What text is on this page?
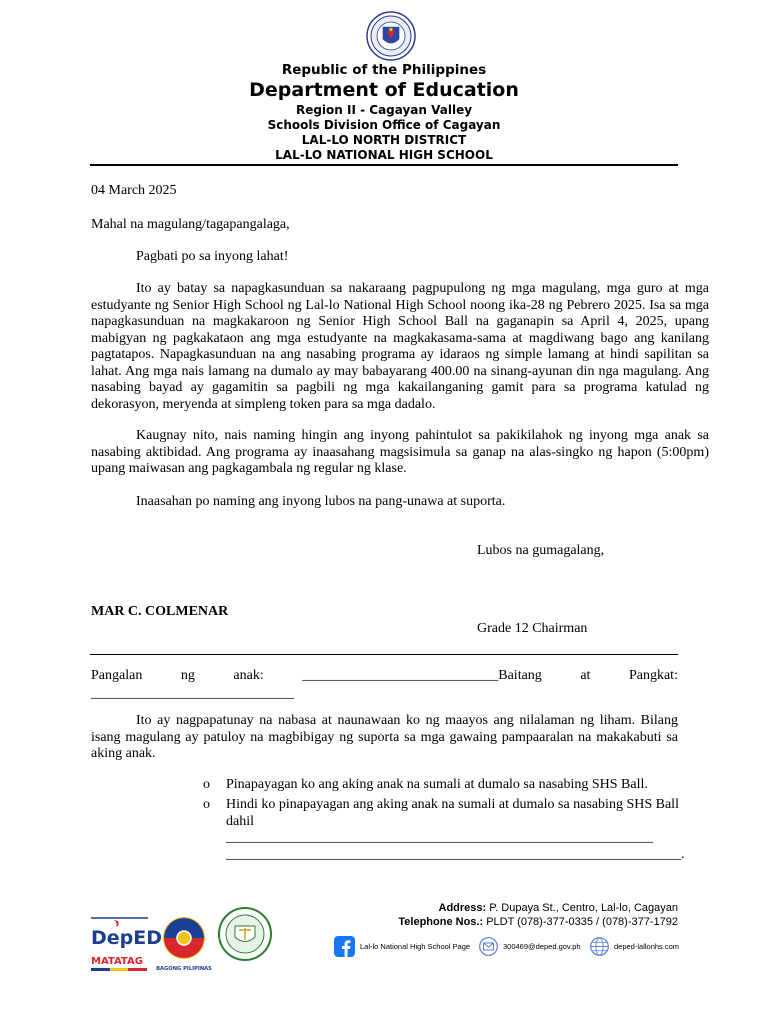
Republic of the Philippines
Department of Education
Region II - Cagayan Valley
Schools Division Office of Cagayan
LAL-LO NORTH DISTRICT
LAL-LO NATIONAL HIGH SCHOOL
04 March 2025
Mahal na magulang/tagapangalaga,
Pagbati po sa inyong lahat!
Ito ay batay sa napagkasunduan sa nakaraang pagpupulong ng mga magulang, mga guro at mga estudyante ng Senior High School ng Lal-lo National High School noong ika-28 ng Pebrero 2025. Isa sa mga napagkasunduan na magkakaroon ng Senior High School Ball na gaganapin sa April 4, 2025, upang mabigyan ng pagkakataon ang mga estudyante na magkakasama-sama at magdiwang bago ang kanilang pagtatapos. Napagkasunduan na ang nasabing programa ay idaraos ng simple lamang at hindi sapilitan sa lahat. Ang mga nais lamang na dumalo ay may babayarang 400.00 na sinang-ayunan din nga magulang. Ang nasabing bayad ay gagamitin sa pagbili ng mga kakailanganing gamit para sa programa katulad ng dekorasyon, meryenda at simpleng token para sa mga dadalo.
Kaugnay nito, nais naming hingin ang inyong pahintulot sa pakikilahok ng inyong mga anak sa nasabing aktibidad. Ang programa ay inaasahang magsisimula sa ganap na alas-singko ng hapon (5:00pm) upang maiwasan ang pagkagambala ng regular ng klase.
Inaasahan po naming ang inyong lubos na pang-unawa at suporta.
Lubos na gumagalang,
MAR C. COLMENAR
Grade 12 Chairman
Pangalan	ng	anak:	____________________________Baitang	at	Pangkat:
_____________________________
Ito ay nagpapatunay na nabasa at naunawaan ko ng maayos ang nilalaman ng liham. Bilang isang magulang ay patuloy na magbibigay ng suporta sa mga gawaing pampaaralan na makakabuti sa aking anak.
o Pinapayagan ko ang aking anak na sumali at dumalo sa nasabing SHS Ball.
o Hindi ko pinapayagan ang aking anak na sumali at dumalo sa nasabing SHS Ball
dahil _____________________________________________________________
_________________________________________________________________.
DepED
MATATAG
BAGONG PILIPINAS
Address: P. Dupaya St., Centro, Lal-lo, Cagayan
Telephone Nos.: PLDT (078)-377-0335 / (078)-377-1792
Lal-lo National High School Page	300469@deped.gov.ph	deped-lallonhs.com
